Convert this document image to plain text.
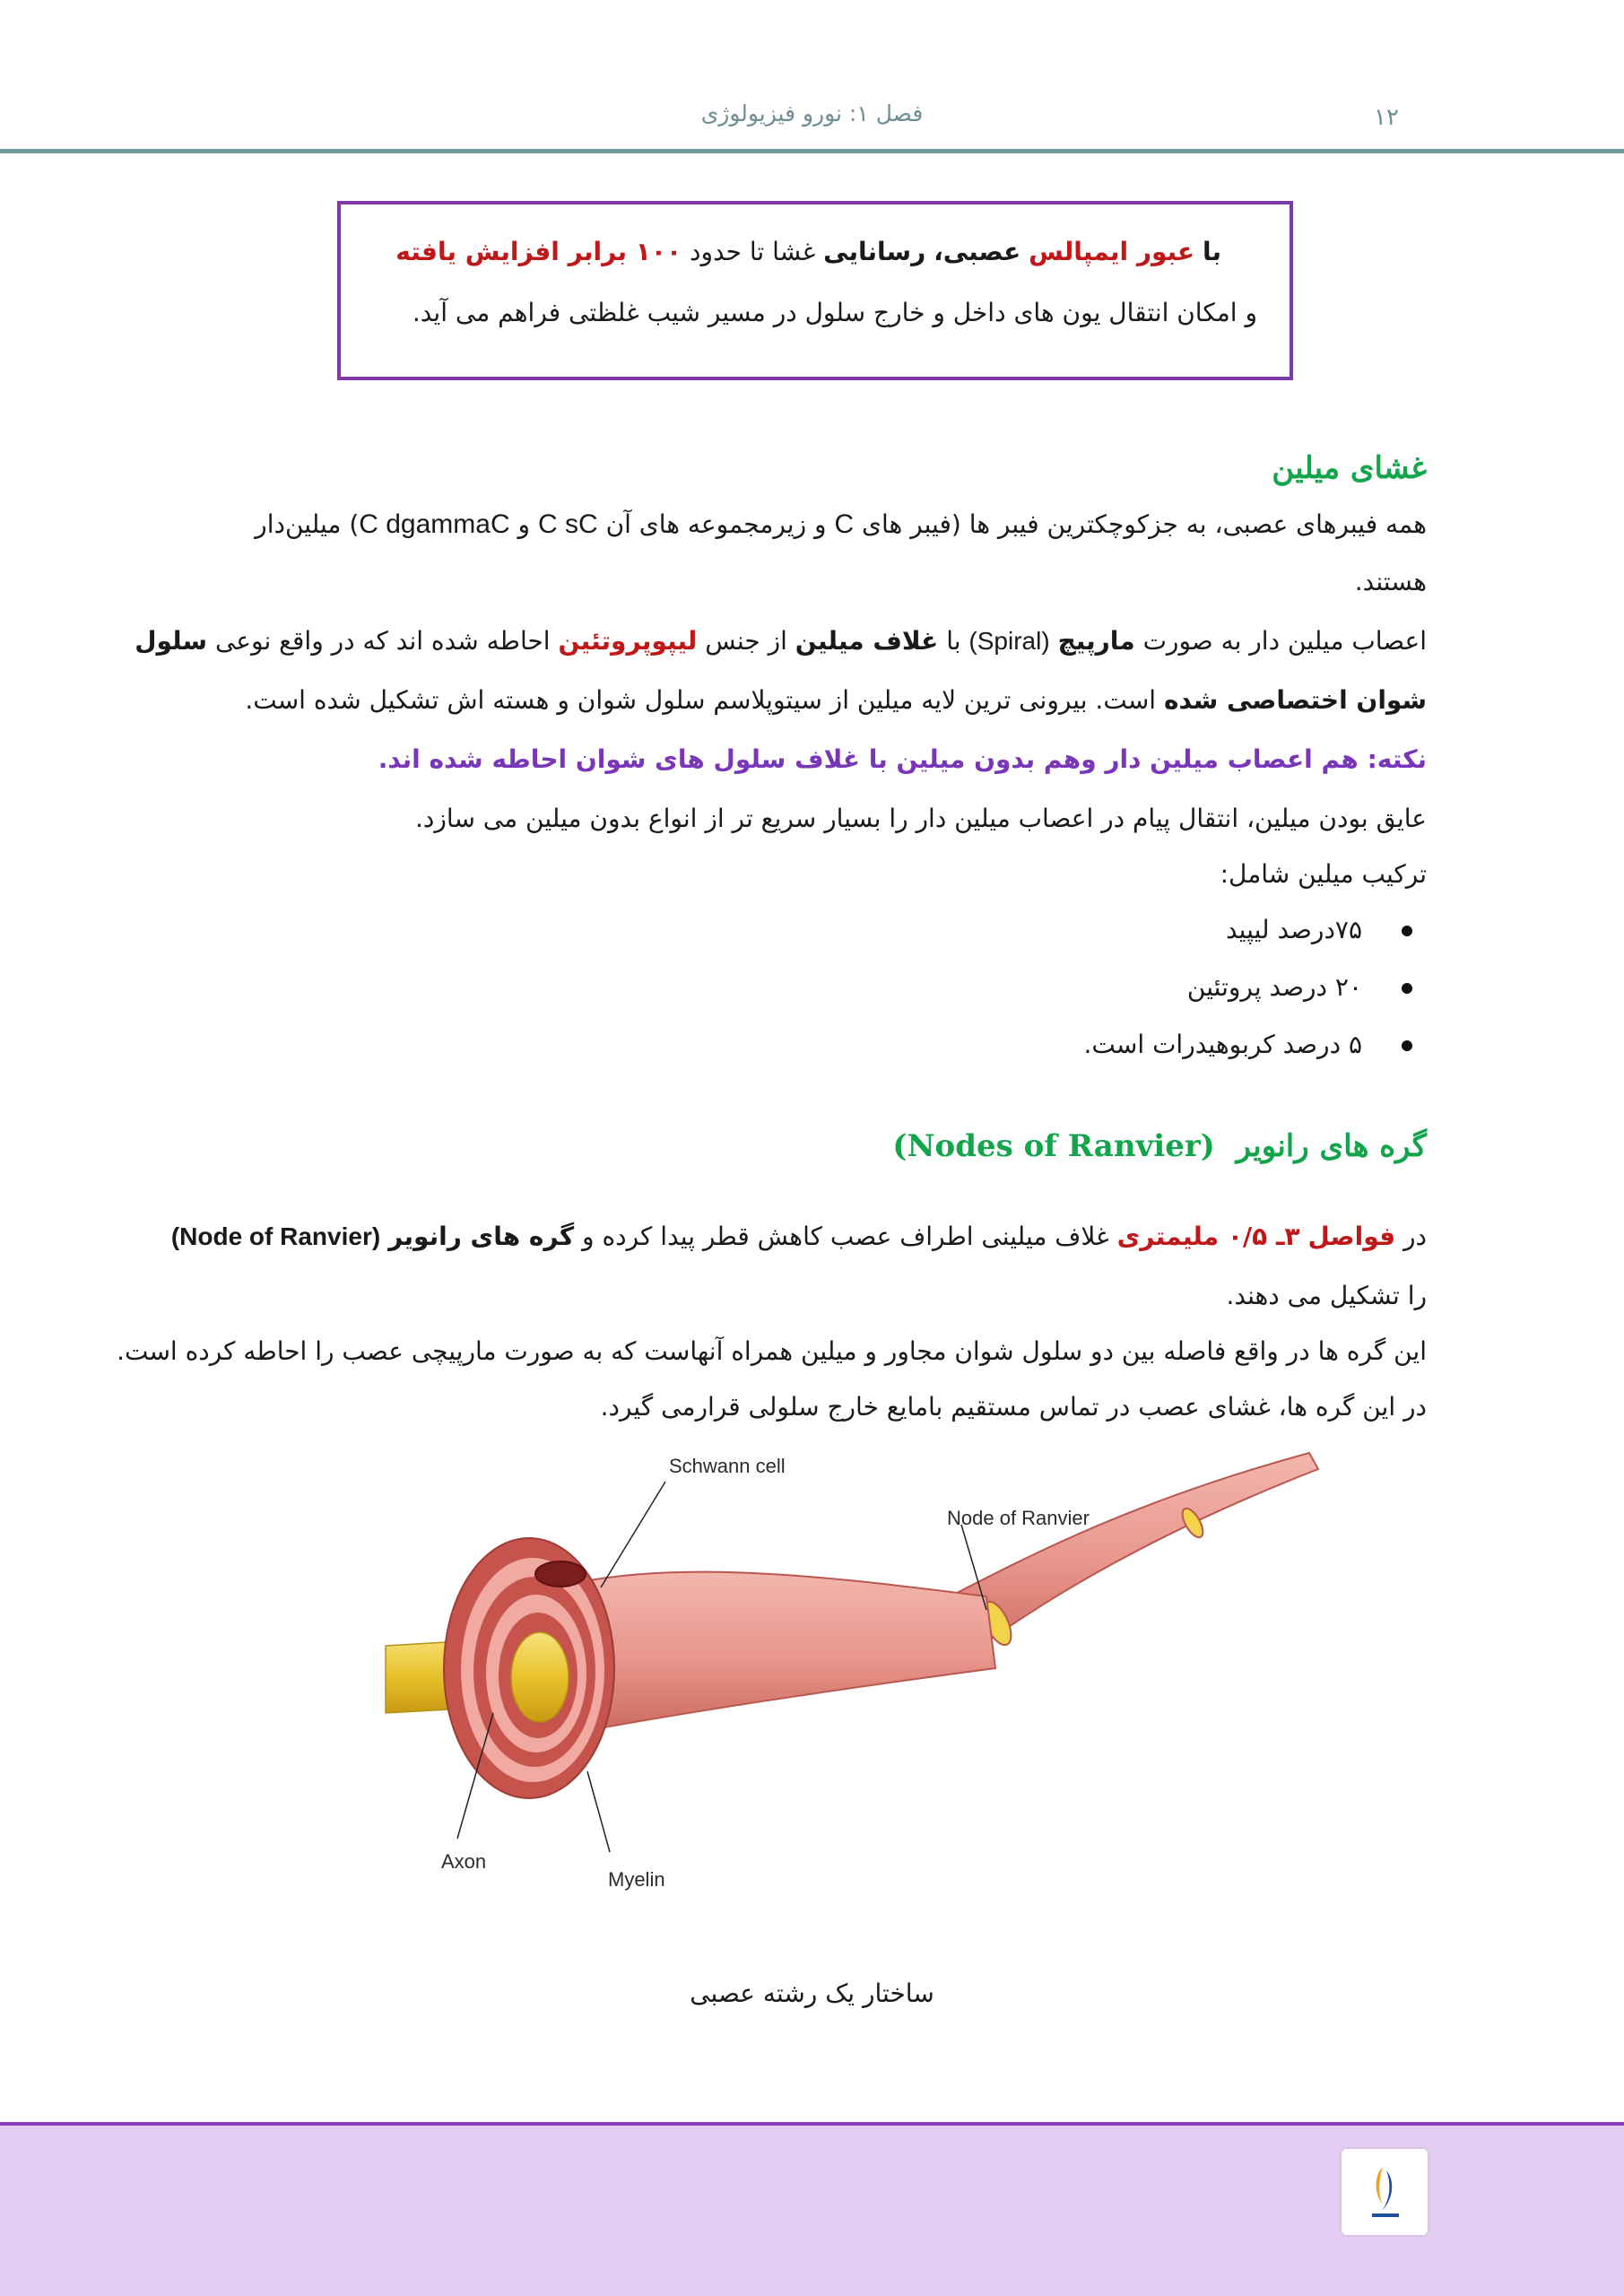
فصل ۱: نورو فیزیولوژی	۱۲
با عبور ایمپالس عصبی، رسانایی غشا تا حدود ۱۰۰ برابر افزایش یافته
و امکان انتقال یون های داخل و خارج سلول در مسیر شیب غلظتی فراهم می آید.
غشای میلین
همه فیبرهای عصبی، به جزکوچکترین فیبر ها (فیبر های C و زیرمجموعه های آن C sC و C dgammaC) میلین‌دار
هستند.
اعصاب میلین دار به صورت مارپیچ (Spiral) با غلاف میلین از جنس لیپوپروتئین احاطه شده اند که در واقع نوعی سلول
شوان اختصاصی شده است. بیرونی ترین لایه میلین از سیتوپلاسم سلول شوان و هسته اش تشکیل شده است.
نکته: هم اعصاب میلین دار وهم بدون میلین با غلاف سلول های شوان احاطه شده اند.
عایق بودن میلین، انتقال پیام در اعصاب میلین دار را بسیار سریع تر از انواع بدون میلین می سازد.
ترکیب میلین شامل:
۷۵درصد لیپید
۲۰ درصد پروتئین
۵ درصد کربوهیدرات است.
گره های رانویر  (Nodes of Ranvier)
در فواصل ۳ـ ۰/۵ ملیمتری غلاف میلینی اطراف عصب کاهش قطر پیدا کرده و گره های رانویر (Node of Ranvier)
را تشکیل می دهند.
این گره ها در واقع فاصله بین دو سلول شوان مجاور و میلین همراه آنهاست که به صورت مارپیچی عصب را احاطه کرده است.
در این گره ها، غشای عصب در تماس مستقیم بامایع خارج سلولی قرارمی گیرد.
Schwann cell
Node of Ranvier
Axon
Myelin
ساختار یک رشته عصبی
